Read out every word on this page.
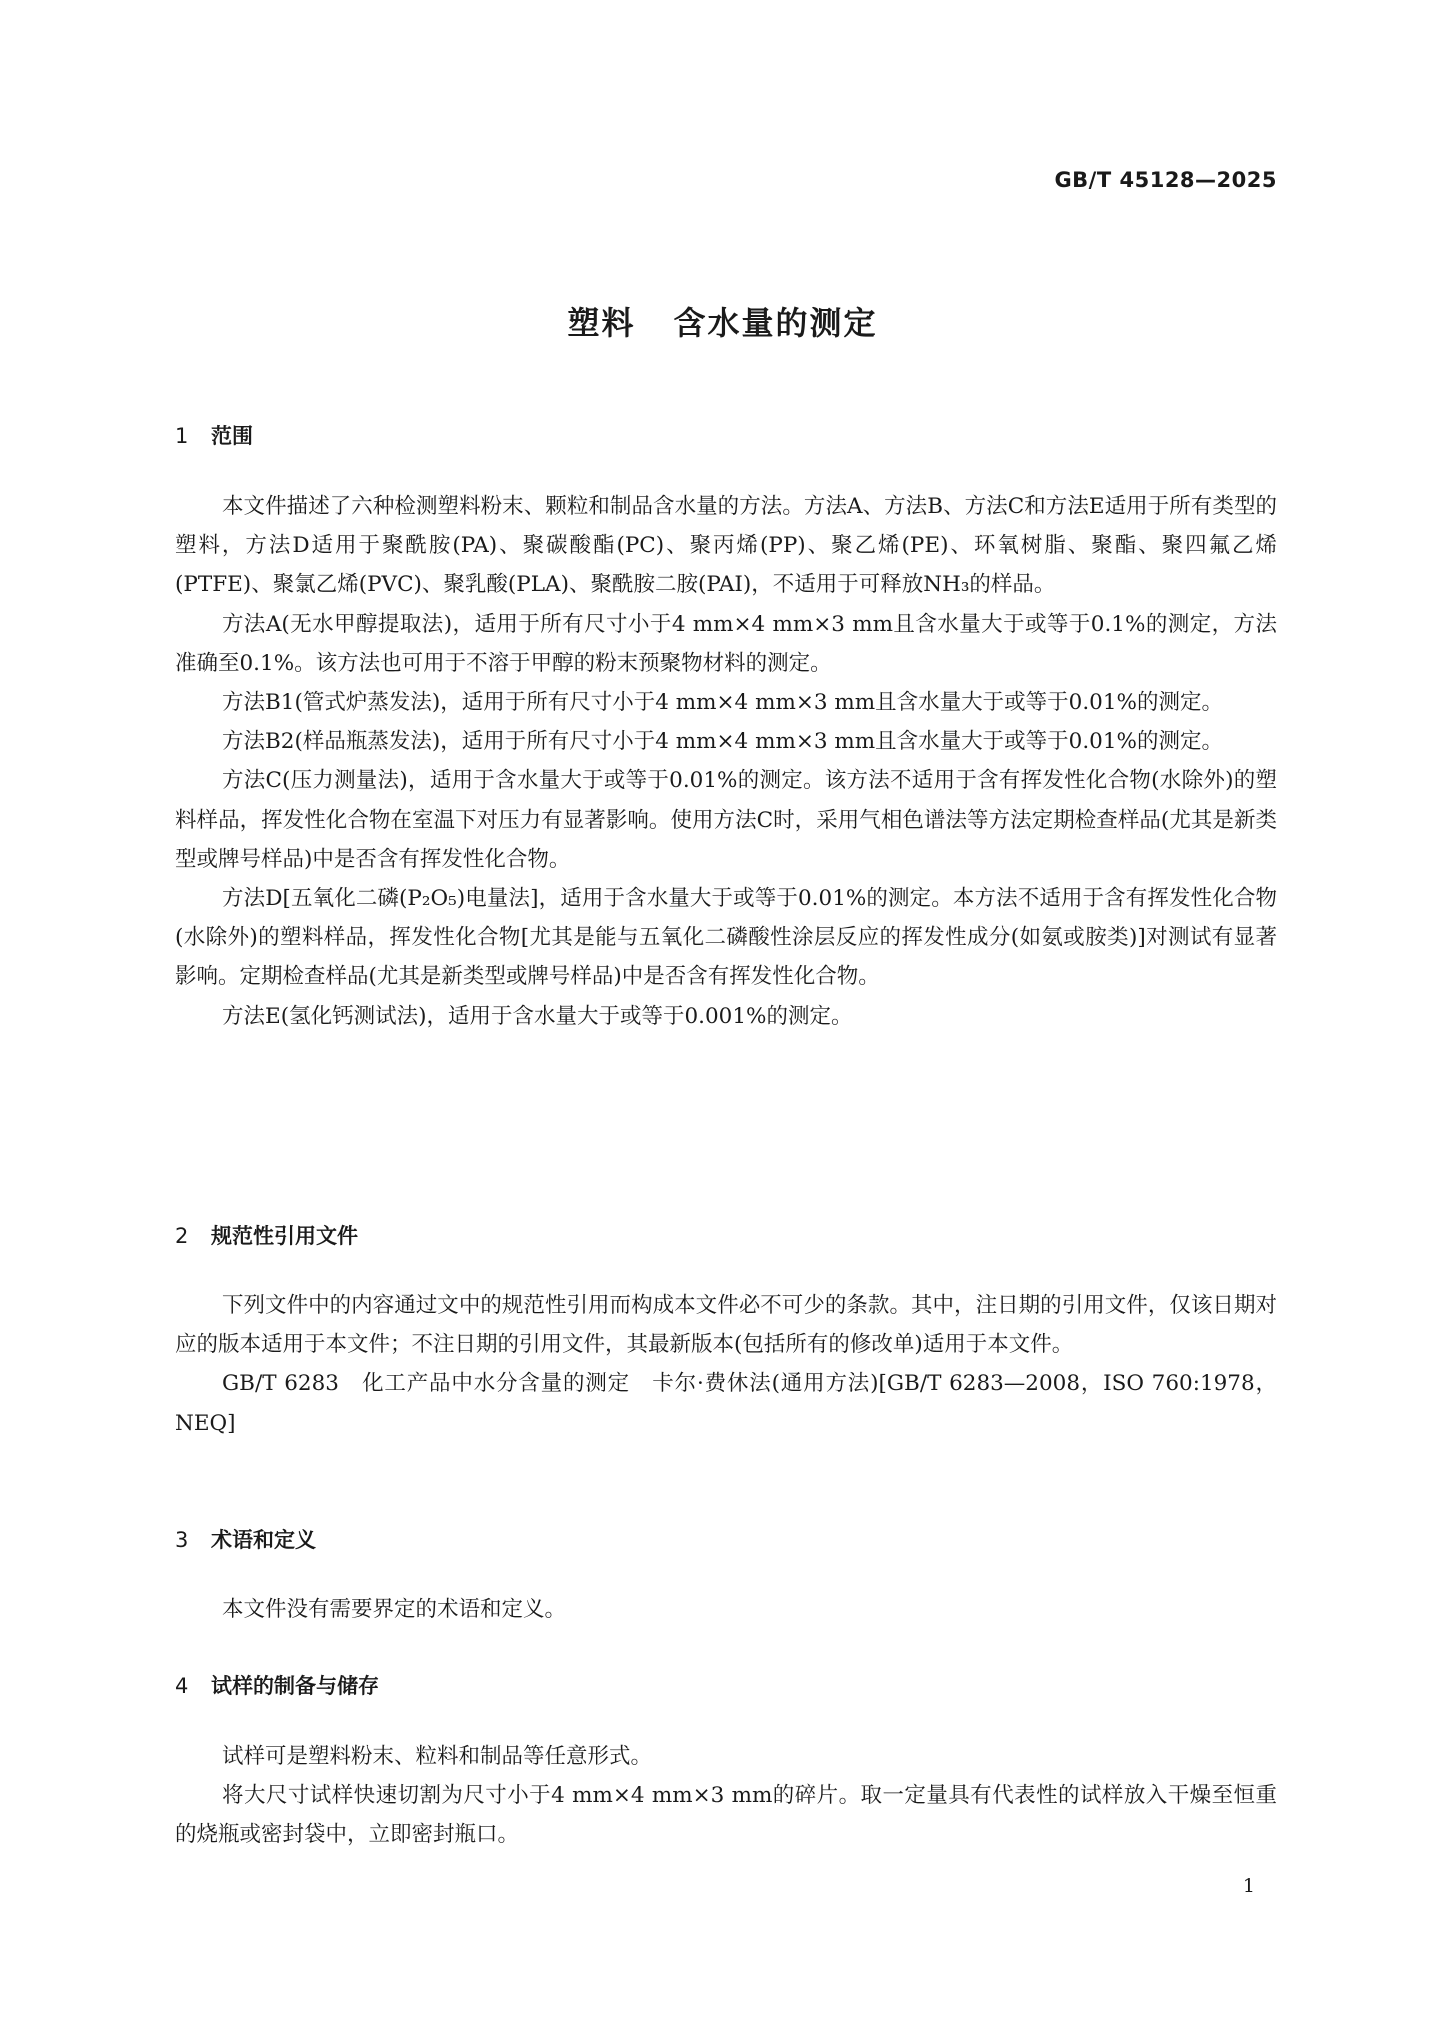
GB/T 45128—2025
塑料 含水量的测定
1 范围

本文件描述了六种检测塑料粉末、颗粒和制品含水量的方法。方法A、方法B、方法C和方法E适用于所有类型的塑料，方法D适用于聚酰胺(PA)、聚碳酸酯(PC)、聚丙烯(PP)、聚乙烯(PE)、环氧树脂、聚酯、聚四氟乙烯(PTFE)、聚氯乙烯(PVC)、聚乳酸(PLA)、聚酰胺二胺(PAI)，不适用于可释放NH₃的样品。

方法A(无水甲醇提取法)，适用于所有尺寸小于4 mm×4 mm×3 mm且含水量大于或等于0.1%的测定，方法准确至0.1%。该方法也可用于不溶于甲醇的粉末预聚物材料的测定。

方法B1(管式炉蒸发法)，适用于所有尺寸小于4 mm×4 mm×3 mm且含水量大于或等于0.01%的测定。

方法B2(样品瓶蒸发法)，适用于所有尺寸小于4 mm×4 mm×3 mm且含水量大于或等于0.01%的测定。

方法C(压力测量法)，适用于含水量大于或等于0.01%的测定。该方法不适用于含有挥发性化合物(水除外)的塑料样品，挥发性化合物在室温下对压力有显著影响。使用方法C时，采用气相色谱法等方法定期检查样品(尤其是新类型或牌号样品)中是否含有挥发性化合物。

方法D[五氧化二磷(P₂O₅)电量法]，适用于含水量大于或等于0.01%的测定。本方法不适用于含有挥发性化合物(水除外)的塑料样品，挥发性化合物[尤其是能与五氧化二磷酸性涂层反应的挥发性成分(如氨或胺类)]对测试有显著影响。定期检查样品(尤其是新类型或牌号样品)中是否含有挥发性化合物。

方法E(氢化钙测试法)，适用于含水量大于或等于0.001%的测定。

2 规范性引用文件

下列文件中的内容通过文中的规范性引用而构成本文件必不可少的条款。其中，注日期的引用文件，仅该日期对应的版本适用于本文件；不注日期的引用文件，其最新版本(包括所有的修改单)适用于本文件。

GB/T 6283　化工产品中水分含量的测定　卡尔·费休法(通用方法)[GB/T 6283—2008，ISO 760:1978，NEQ]

3 术语和定义

本文件没有需要界定的术语和定义。

4 试样的制备与储存

试样可是塑料粉末、粒料和制品等任意形式。

将大尺寸试样快速切割为尺寸小于4 mm×4 mm×3 mm的碎片。取一定量具有代表性的试样放入干燥至恒重的烧瓶或密封袋中，立即密封瓶口。

1
